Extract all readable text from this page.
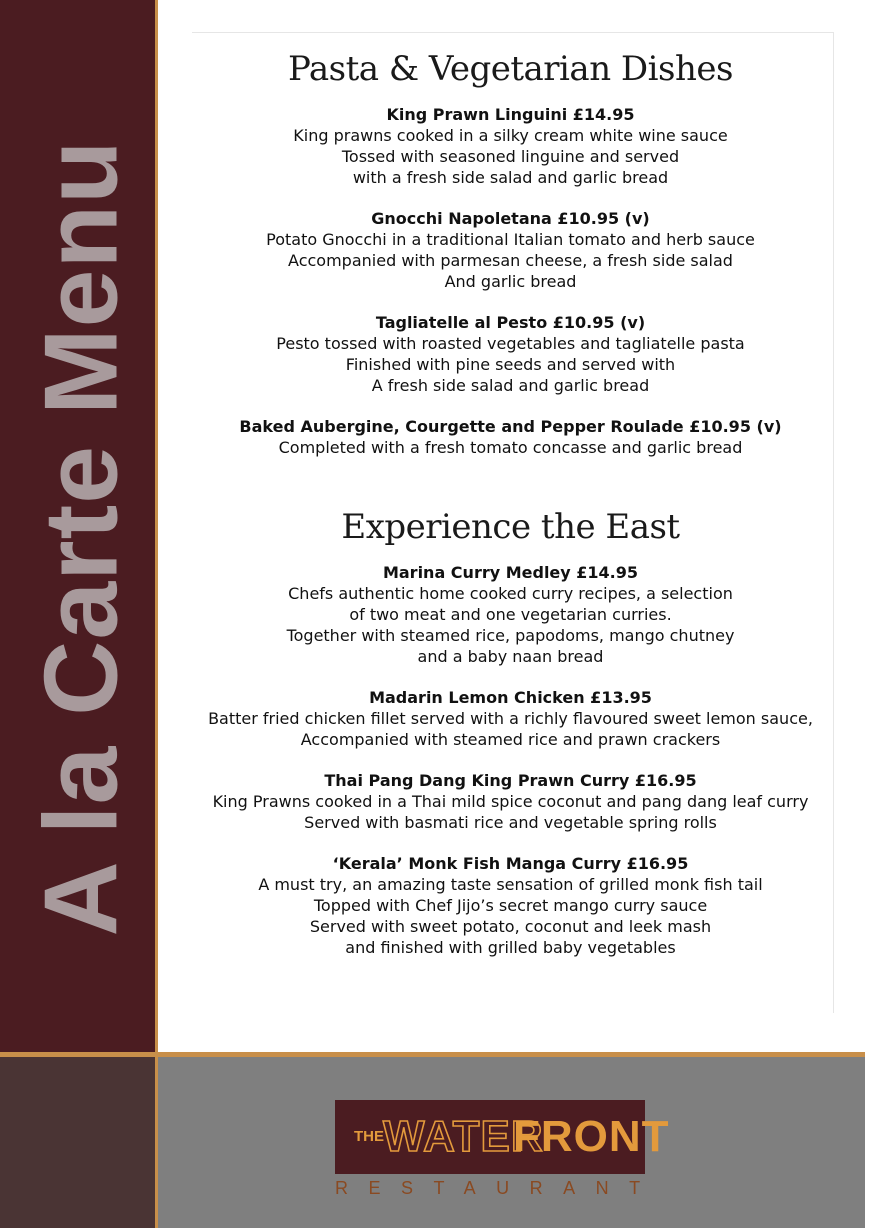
A la Carte Menu
Pasta & Vegetarian Dishes
King Prawn Linguini £14.95
King prawns cooked in a silky cream white wine sauce
Tossed with seasoned linguine and served
with a fresh side salad and garlic bread
Gnocchi Napoletana £10.95 (v)
Potato Gnocchi in a traditional Italian tomato and herb sauce
Accompanied with parmesan cheese, a fresh side salad
And garlic bread
Tagliatelle al Pesto £10.95 (v)
Pesto tossed with roasted vegetables and tagliatelle pasta
Finished with pine seeds and served with
A fresh side salad and garlic bread
Baked Aubergine, Courgette and Pepper Roulade £10.95 (v)
Completed with a fresh tomato concasse and garlic bread
Experience the East
Marina Curry Medley £14.95
Chefs authentic home cooked curry recipes, a selection
of two meat and one vegetarian curries.
Together with steamed rice, papodoms, mango chutney
and a baby naan bread
Madarin Lemon Chicken £13.95
Batter fried chicken fillet served with a richly flavoured sweet lemon sauce,
Accompanied with steamed rice and prawn crackers
Thai Pang Dang King Prawn Curry £16.95
King Prawns cooked in a Thai mild spice coconut and pang dang leaf curry
Served with basmati rice and vegetable spring rolls
‘Kerala’ Monk Fish Manga Curry £16.95
A must try, an amazing taste sensation of grilled monk fish tail
Topped with Chef Jijo’s secret mango curry sauce
Served with sweet potato, coconut and leek mash
and finished with grilled baby vegetables
THE WATER
FRONT
RESTAURANT
